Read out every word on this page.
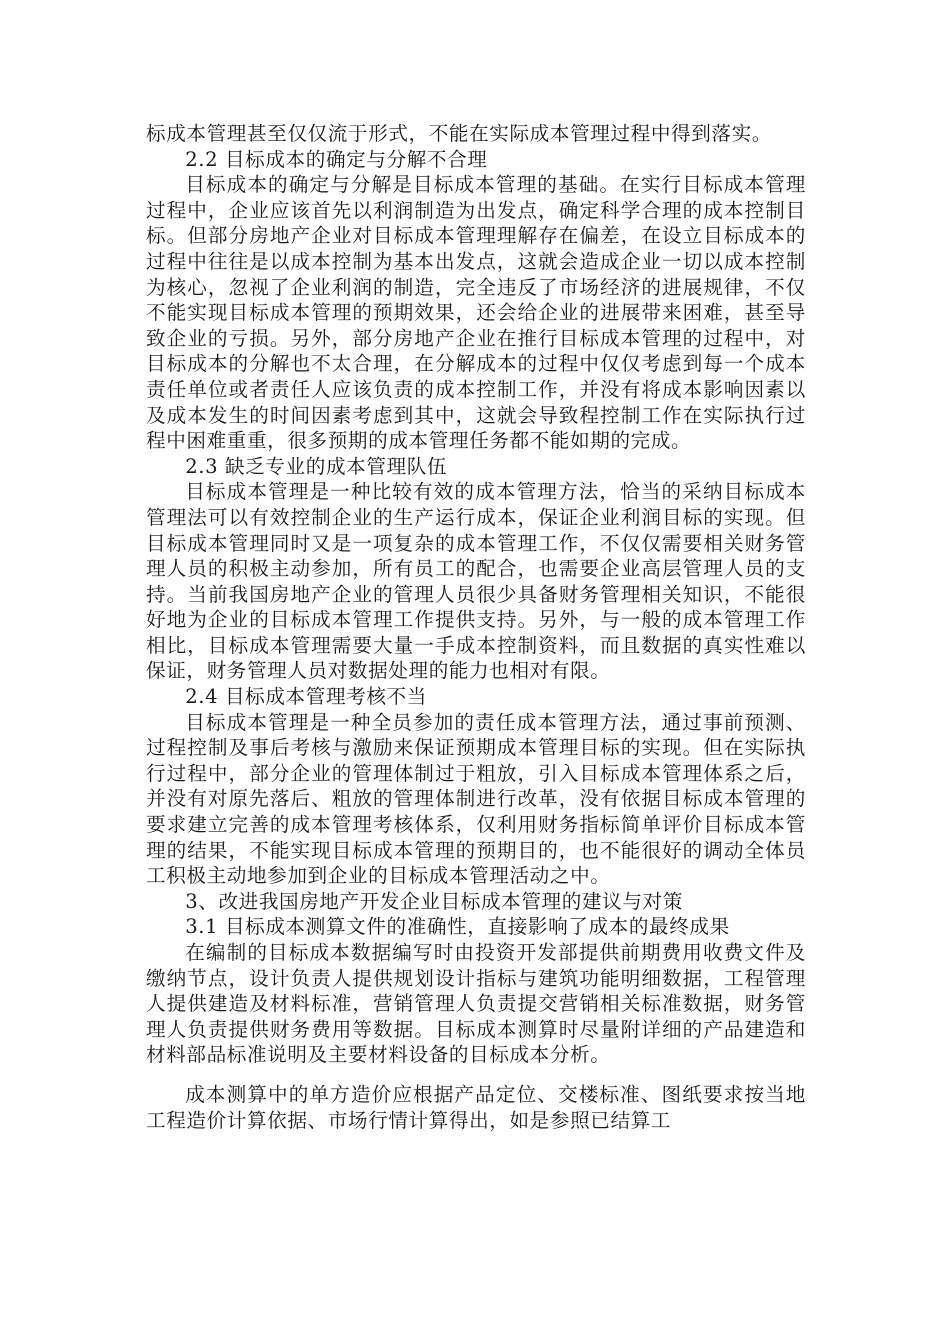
标成本管理甚至仅仅流于形式，不能在实际成本管理过程中得到落实。

2.2 目标成本的确定与分解不合理

目标成本的确定与分解是目标成本管理的基础。在实行目标成本管理过程中，企业应该首先以利润制造为出发点，确定科学合理的成本控制目标。但部分房地产企业对目标成本管理理解存在偏差，在设立目标成本的过程中往往是以成本控制为基本出发点，这就会造成企业一切以成本控制为核心，忽视了企业利润的制造，完全违反了市场经济的进展规律，不仅不能实现目标成本管理的预期效果，还会给企业的进展带来困难，甚至导致企业的亏损。另外，部分房地产企业在推行目标成本管理的过程中，对目标成本的分解也不太合理，在分解成本的过程中仅仅考虑到每一个成本责任单位或者责任人应该负责的成本控制工作，并没有将成本影响因素以及成本发生的时间因素考虑到其中，这就会导致程控制工作在实际执行过程中困难重重，很多预期的成本管理任务都不能如期的完成。

2.3 缺乏专业的成本管理队伍

目标成本管理是一种比较有效的成本管理方法，恰当的采纳目标成本管理法可以有效控制企业的生产运行成本，保证企业利润目标的实现。但目标成本管理同时又是一项复杂的成本管理工作，不仅仅需要相关财务管理人员的积极主动参加，所有员工的配合，也需要企业高层管理人员的支持。当前我国房地产企业的管理人员很少具备财务管理相关知识，不能很好地为企业的目标成本管理工作提供支持。另外，与一般的成本管理工作相比，目标成本管理需要大量一手成本控制资料，而且数据的真实性难以保证，财务管理人员对数据处理的能力也相对有限。

2.4 目标成本管理考核不当

目标成本管理是一种全员参加的责任成本管理方法，通过事前预测、过程控制及事后考核与激励来保证预期成本管理目标的实现。但在实际执行过程中，部分企业的管理体制过于粗放，引入目标成本管理体系之后，并没有对原先落后、粗放的管理体制进行改革，没有依据目标成本管理的要求建立完善的成本管理考核体系，仅利用财务指标简单评价目标成本管理的结果，不能实现目标成本管理的预期目的，也不能很好的调动全体员工积极主动地参加到企业的目标成本管理活动之中。

3、改进我国房地产开发企业目标成本管理的建议与对策

3.1 目标成本测算文件的准确性，直接影响了成本的最终成果

在编制的目标成本数据编写时由投资开发部提供前期费用收费文件及缴纳节点，设计负责人提供规划设计指标与建筑功能明细数据，工程管理人提供建造及材料标准，营销管理人负责提交营销相关标准数据，财务管理人负责提供财务费用等数据。目标成本测算时尽量附详细的产品建造和材料部品标准说明及主要材料设备的目标成本分析。

成本测算中的单方造价应根据产品定位、交楼标准、图纸要求按当地工程造价计算依据、市场行情计算得出，如是参照已结算工
